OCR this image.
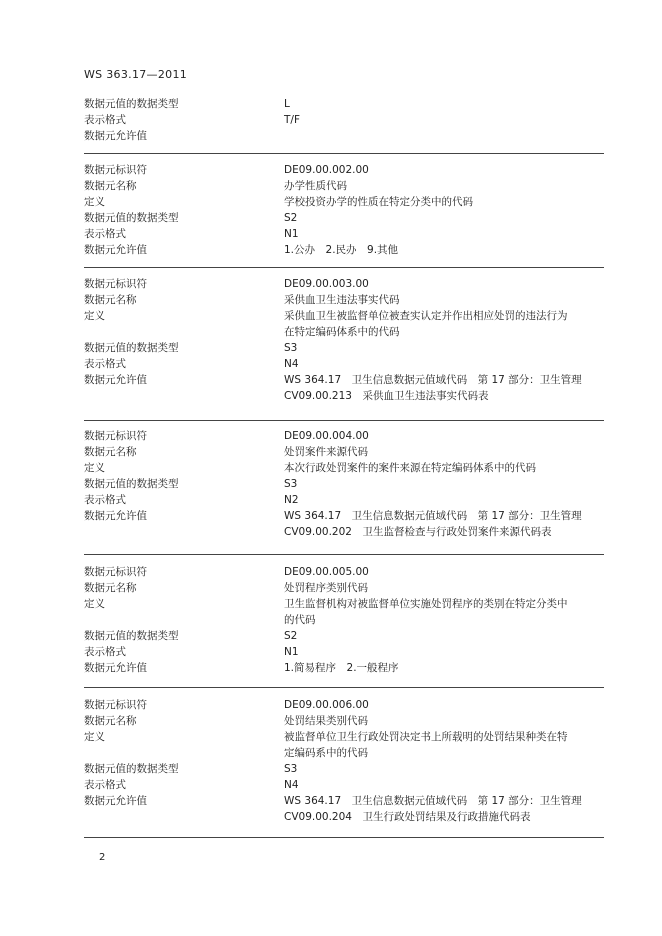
WS 363.17—2011
数据元值的数据类型	L
表示格式	T/F
数据元允许值
数据元标识符	DE09.00.002.00
数据元名称	办学性质代码
定义	学校投资办学的性质在特定分类中的代码
数据元值的数据类型	S2
表示格式	N1
数据元允许值	1.公办　2.民办　9.其他
数据元标识符	DE09.00.003.00
数据元名称	采供血卫生违法事实代码
定义	采供血卫生被监督单位被查实认定并作出相应处罚的违法行为
在特定编码体系中的代码
数据元值的数据类型	S3
表示格式	N4
数据元允许值	WS 364.17　卫生信息数据元值域代码　第 17 部分：卫生管理
CV09.00.213　采供血卫生违法事实代码表
数据元标识符	DE09.00.004.00
数据元名称	处罚案件来源代码
定义	本次行政处罚案件的案件来源在特定编码体系中的代码
数据元值的数据类型	S3
表示格式	N2
数据元允许值	WS 364.17　卫生信息数据元值域代码　第 17 部分：卫生管理
CV09.00.202　卫生监督检查与行政处罚案件来源代码表
数据元标识符	DE09.00.005.00
数据元名称	处罚程序类别代码
定义	卫生监督机构对被监督单位实施处罚程序的类别在特定分类中
的代码
数据元值的数据类型	S2
表示格式	N1
数据元允许值	1.简易程序　2.一般程序
数据元标识符	DE09.00.006.00
数据元名称	处罚结果类别代码
定义	被监督单位卫生行政处罚决定书上所载明的处罚结果种类在特
定编码系中的代码
数据元值的数据类型	S3
表示格式	N4
数据元允许值	WS 364.17　卫生信息数据元值域代码　第 17 部分：卫生管理
CV09.00.204　卫生行政处罚结果及行政措施代码表
2
